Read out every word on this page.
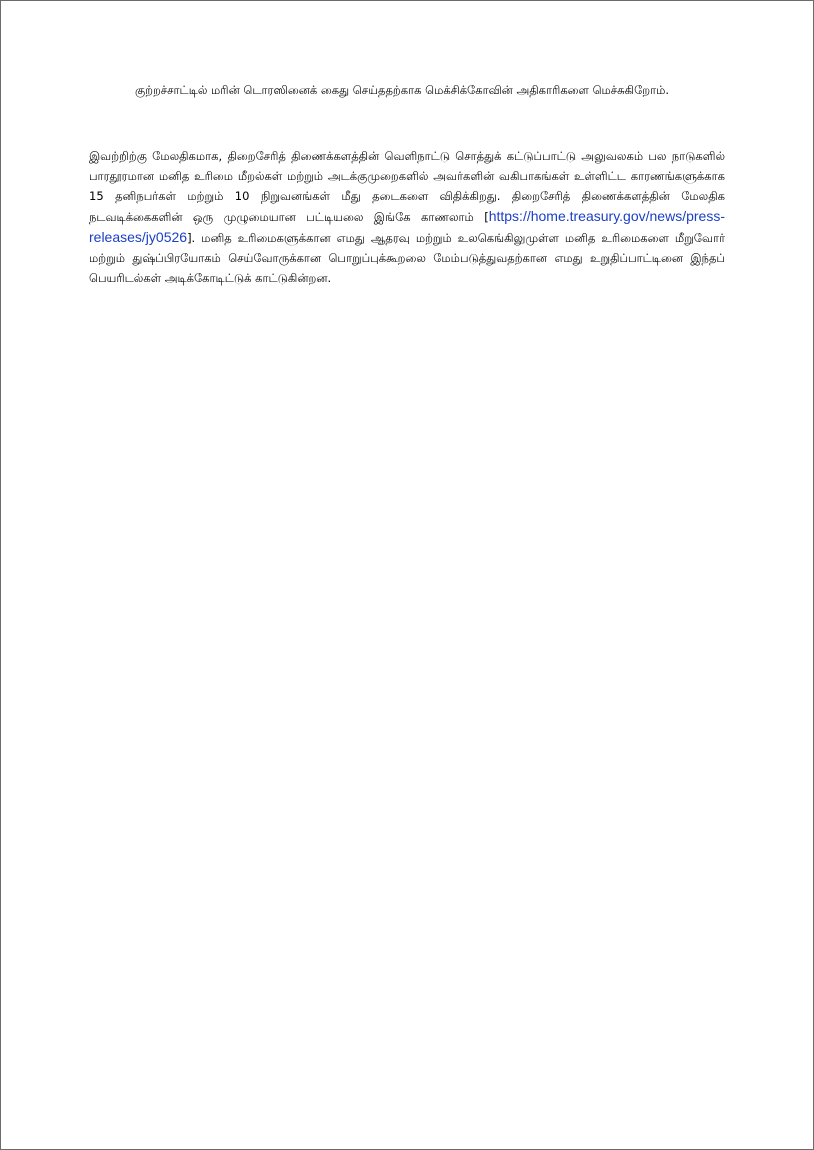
குற்றச்சாட்டில் மரின் டொரஸினைக் கைது செய்ததற்காக மெக்சிக்கோவின் அதிகாரிகளை மெச்சுகிறோம்.

இவற்றிற்கு மேலதிகமாக, திறைசேரித் திணைக்களத்தின் வெளிநாட்டு சொத்துக் கட்டுப்பாட்டு அலுவலகம் பல நாடுகளில் பாரதூரமான மனித உரிமை மீறல்கள் மற்றும் அடக்குமுறைகளில் அவர்களின் வகிபாகங்கள் உள்ளிட்ட காரணங்களுக்காக 15 தனிநபர்கள் மற்றும் 10 நிறுவனங்கள் மீது தடைகளை விதிக்கிறது. திறைசேரித் திணைக்களத்தின் மேலதிக நடவடிக்கைகளின் ஒரு முழுமையான பட்டியலை இங்கே காணலாம் [https://home.treasury.gov/news/press-releases/jy0526]. மனித உரிமைகளுக்கான எமது ஆதரவு மற்றும் உலகெங்கிலுமுள்ள மனித உரிமைகளை மீறுவோர் மற்றும் துஷ்ப்பிரயோகம் செய்வோருக்கான பொறுப்புக்கூறலை மேம்படுத்துவதற்கான எமது உறுதிப்பாட்டினை இந்தப் பெயரிடல்கள் அடிக்கோடிட்டுக் காட்டுகின்றன.
